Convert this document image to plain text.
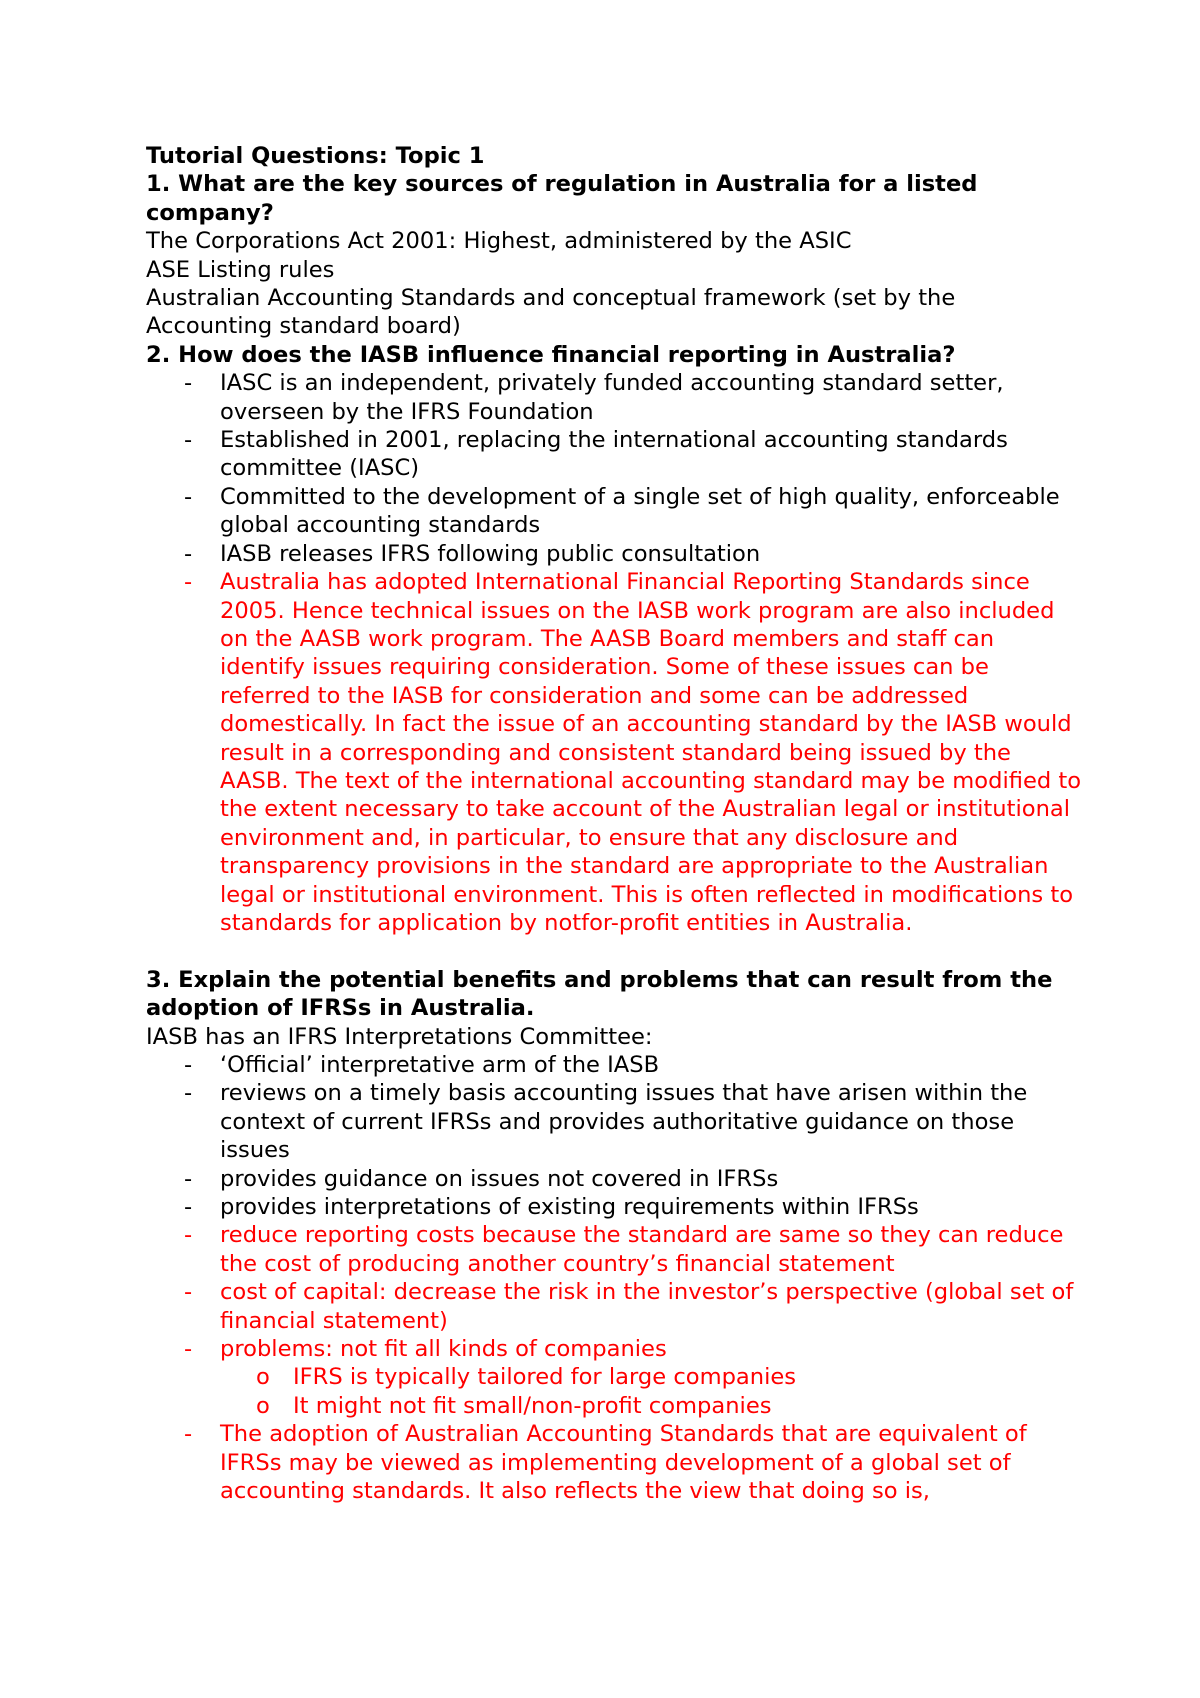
Tutorial Questions: Topic 1

1. What are the key sources of regulation in Australia for a listed company?

The Corporations Act 2001: Highest, administered by the ASIC

ASE Listing rules

Australian Accounting Standards and conceptual framework (set by the Accounting standard board)

2. How does the IASB influence financial reporting in Australia?

- IASC is an independent, privately funded accounting standard setter, overseen by the IFRS Foundation
- Established in 2001, replacing the international accounting standards committee (IASC)
- Committed to the development of a single set of high quality, enforceable global accounting standards
- IASB releases IFRS following public consultation
- Australia has adopted International Financial Reporting Standards since 2005. Hence technical issues on the IASB work program are also included on the AASB work program. The AASB Board members and staff can identify issues requiring consideration. Some of these issues can be referred to the IASB for consideration and some can be addressed domestically. In fact the issue of an accounting standard by the IASB would result in a corresponding and consistent standard being issued by the AASB. The text of the international accounting standard may be modified to the extent necessary to take account of the Australian legal or institutional environment and, in particular, to ensure that any disclosure and transparency provisions in the standard are appropriate to the Australian legal or institutional environment. This is often reflected in modifications to standards for application by notfor-profit entities in Australia.

3. Explain the potential benefits and problems that can result from the adoption of IFRSs in Australia.

IASB has an IFRS Interpretations Committee:

- ‘Official’ interpretative arm of the IASB
- reviews on a timely basis accounting issues that have arisen within the context of current IFRSs and provides authoritative guidance on those issues
- provides guidance on issues not covered in IFRSs
- provides interpretations of existing requirements within IFRSs
- reduce reporting costs because the standard are same so they can reduce the cost of producing another country’s financial statement
- cost of capital: decrease the risk in the investor’s perspective (global set of financial statement)
- problems: not fit all kinds of companies
o IFRS is typically tailored for large companies
o It might not fit small/non-profit companies
- The adoption of Australian Accounting Standards that are equivalent of IFRSs may be viewed as implementing development of a global set of accounting standards. It also reflects the view that doing so is,
